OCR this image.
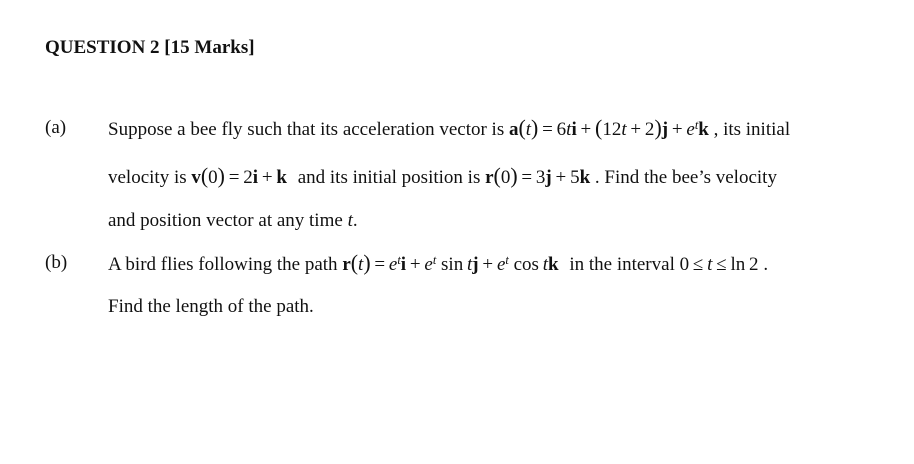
QUESTION 2 [15 Marks]
(a) Suppose a bee fly such that its acceleration vector is $a(t) = 6ti + (12t + 2)j + e^tk$ , its initial
velocity is v(0) = 2i + k and its initial position is r(0) = 3j + 5k . Find the bee’s velocity
and position vector at any time t.
(b) A bird flies following the path $r(t) = e^ti + e^t$ sin tj + $e^t$ cos tk in the interval 0 ≤ t ≤ ln 2 .
Find the length of the path.
